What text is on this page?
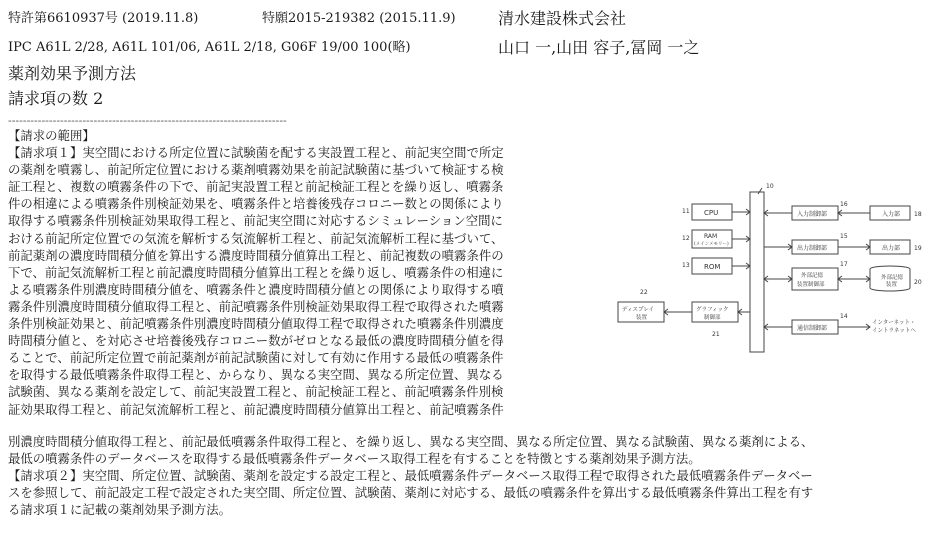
特許第6610937号 (2019.11.8)	特願2015-219382 (2015.11.9)	清水建設株式会社
IPC A61L 2/28, A61L 101/06, A61L 2/18, G06F 19/00 100(略)	山口 一,山田 容子,冨岡 一之
薬剤効果予測方法
請求項の数 2
---------------------------------------------------------------------------
【請求の範囲】
【請求項１】実空間における所定位置に試験菌を配する実設置工程と、前記実空間で所定
の薬剤を噴霧し、前記所定位置における薬剤噴霧効果を前記試験菌に基づいて検証する検
証工程と、複数の噴霧条件の下で、前記実設置工程と前記検証工程とを繰り返し、噴霧条
件の相違による噴霧条件別検証効果を、噴霧条件と培養後残存コロニー数との関係により
取得する噴霧条件別検証効果取得工程と、前記実空間に対応するシミュレーション空間に
おける前記所定位置での気流を解析する気流解析工程と、前記気流解析工程に基づいて、
前記薬剤の濃度時間積分値を算出する濃度時間積分値算出工程と、前記複数の噴霧条件の
下で、前記気流解析工程と前記濃度時間積分値算出工程とを繰り返し、噴霧条件の相違に
よる噴霧条件別濃度時間積分値を、噴霧条件と濃度時間積分値との関係により取得する噴
霧条件別濃度時間積分値取得工程と、前記噴霧条件別検証効果取得工程で取得された噴霧
条件別検証効果と、前記噴霧条件別濃度時間積分値取得工程で取得された噴霧条件別濃度
時間積分値と、を対応させ培養後残存コロニー数がゼロとなる最低の濃度時間積分値を得
ることで、前記所定位置で前記薬剤が前記試験菌に対して有効に作用する最低の噴霧条件
を取得する最低噴霧条件取得工程と、からなり、異なる実空間、異なる所定位置、異なる
試験菌、異なる薬剤を設定して、前記実設置工程と、前記検証工程と、前記噴霧条件別検
証効果取得工程と、前記気流解析工程と、前記濃度時間積分値算出工程と、前記噴霧条件
別濃度時間積分値取得工程と、前記最低噴霧条件取得工程と、を繰り返し、異なる実空間、異なる所定位置、異なる試験菌、異なる薬剤による、
最低の噴霧条件のデータベースを取得する最低噴霧条件データベース取得工程を有することを特徴とする薬剤効果予測方法。
【請求項２】実空間、所定位置、試験菌、薬剤を設定する設定工程と、最低噴霧条件データベース取得工程で取得された最低噴霧条件データベー
スを参照して、前記設定工程で設定された実空間、所定位置、試験菌、薬剤に対応する、最低の噴霧条件を算出する最低噴霧条件算出工程を有す
る請求項１に記載の薬剤効果予測方法。
10
11 CPU
12 RAM
(メインメモリー)
13 ROM
入力制御部
16
入力部 18
出力制御部
15
出力部 19
外部記憶
装置制御部
17
外部記憶
装置	20
22
ディスプレイ
装置
グラフィック
制御部
21
通信制御部
14
インターネット・
イントラネットへ
